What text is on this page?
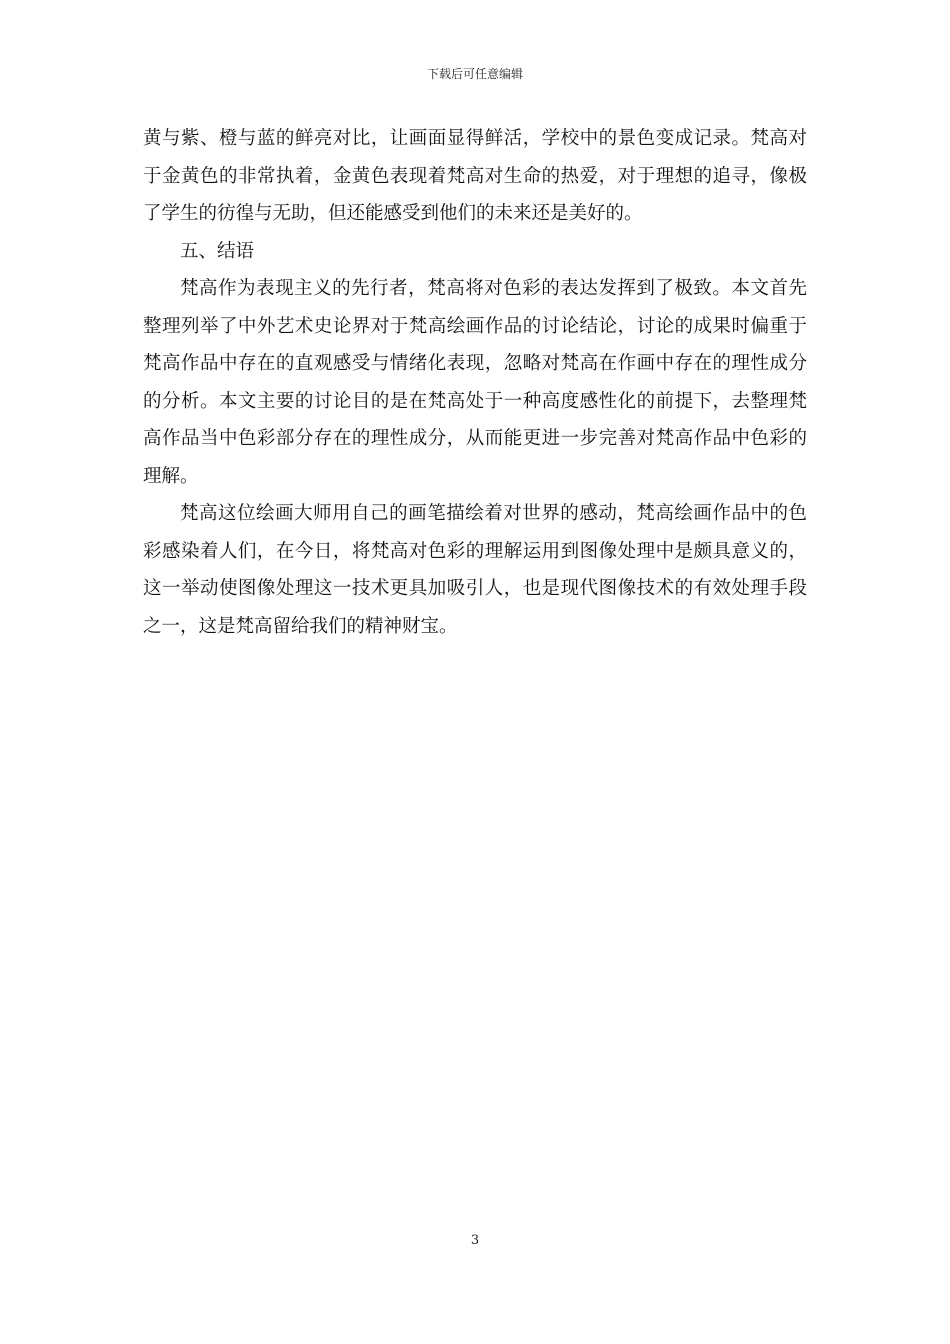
下载后可任意编辑

黄与紫、橙与蓝的鲜亮对比，让画面显得鲜活，学校中的景色变成记录。梵高对于金黄色的非常执着，金黄色表现着梵高对生命的热爱，对于理想的追寻，像极了学生的彷徨与无助，但还能感受到他们的未来还是美好的。

五、结语

梵高作为表现主义的先行者，梵高将对色彩的表达发挥到了极致。本文首先整理列举了中外艺术史论界对于梵高绘画作品的讨论结论，讨论的成果时偏重于梵高作品中存在的直观感受与情绪化表现，忽略对梵高在作画中存在的理性成分的分析。本文主要的讨论目的是在梵高处于一种高度感性化的前提下，去整理梵高作品当中色彩部分存在的理性成分，从而能更进一步完善对梵高作品中色彩的理解。

梵高这位绘画大师用自己的画笔描绘着对世界的感动，梵高绘画作品中的色彩感染着人们，在今日，将梵高对色彩的理解运用到图像处理中是颇具意义的，这一举动使图像处理这一技术更具加吸引人，也是现代图像技术的有效处理手段之一，这是梵高留给我们的精神财宝。

3
